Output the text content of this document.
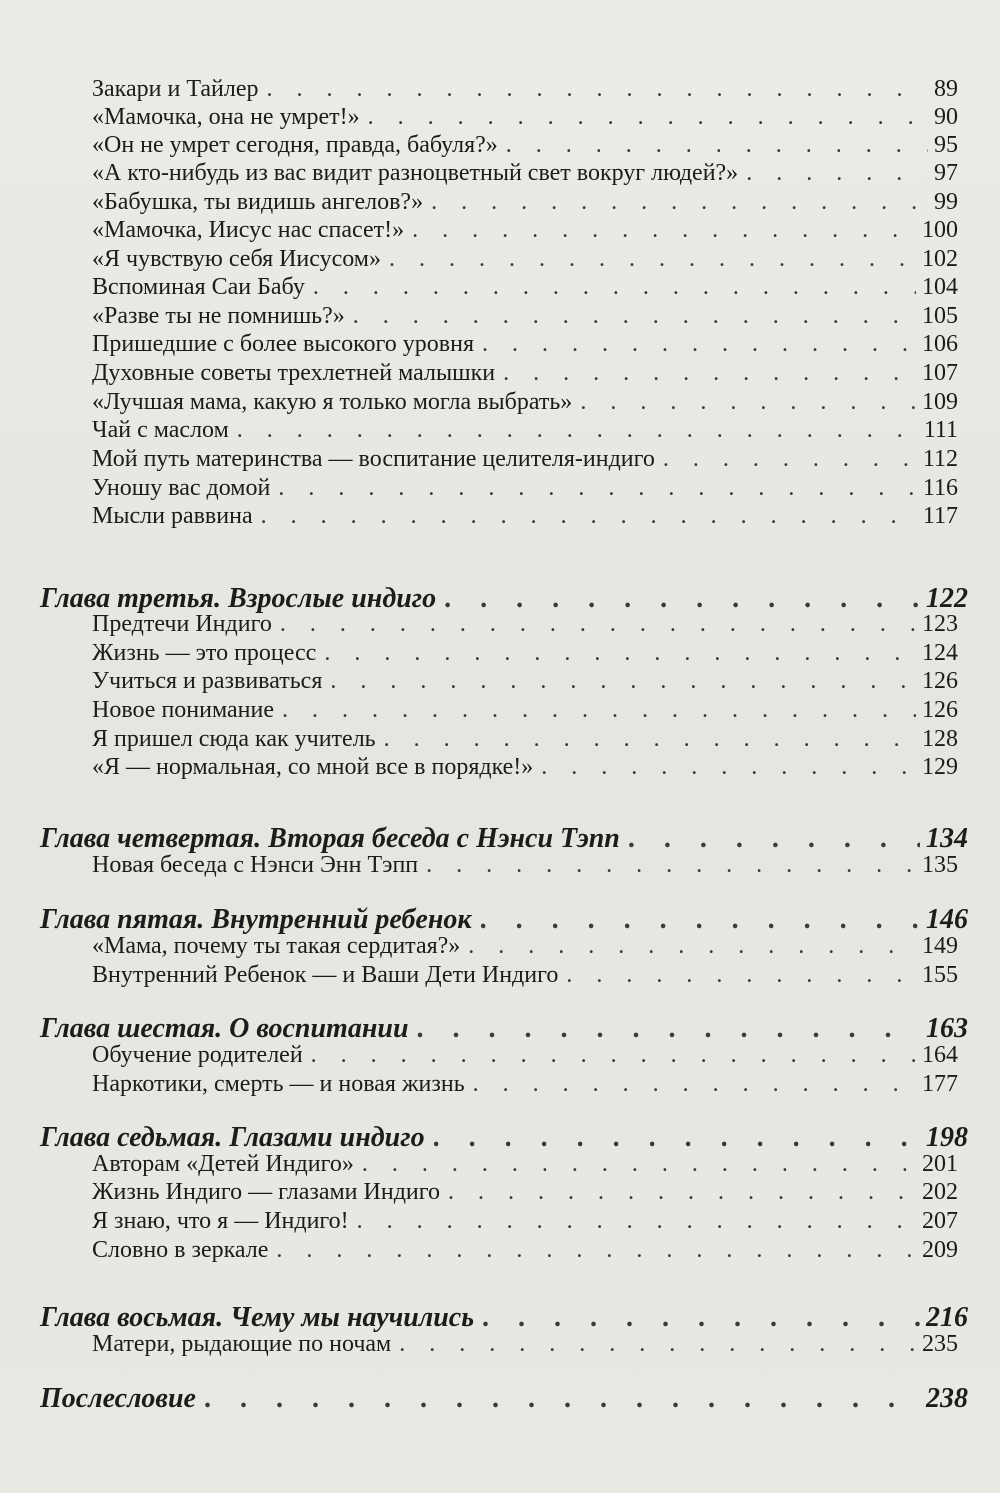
Закари и Тайлер . . .	89
«Мамочка, она не умрет!» . . .	90
«Он не умрет сегодня, правда, бабуля?» . . .	95
«А кто-нибудь из вас видит разноцветный свет вокруг людей?» . . .	97
«Бабушка, ты видишь ангелов?» . . .	99
«Мамочка, Иисус нас спасет!» . . .	100
«Я чувствую себя Иисусом» . . .	102
Вспоминая Саи Бабу . . .	104
«Разве ты не помнишь?» . . .	105
Пришедшие с более высокого уровня . . .	106
Духовные советы трехлетней малышки . . .	107
«Лучшая мама, какую я только могла выбрать» . . .	109
Чай с маслом . . .	111
Мой путь материнства — воспитание целителя-индиго . . .	112
Уношу вас домой . . .	116
Мысли раввина . . .	117
Глава третья. Взрослые индиго . . .	122
Предтечи Индиго . . .	123
Жизнь — это процесс . . .	124
Учиться и развиваться . . .	126
Новое понимание . . .	126
Я пришел сюда как учитель . . .	128
«Я — нормальная, со мной все в порядке!» . . .	129
Глава четвертая. Вторая беседа с Нэнси Тэпп . . .	134
Новая беседа с Нэнси Энн Тэпп . . .	135
Глава пятая. Внутренний ребенок . . .	146
«Мама, почему ты такая сердитая?» . . .	149
Внутренний Ребенок — и Ваши Дети Индиго . . .	155
Глава шестая. О воспитании . . .	163
Обучение родителей . . .	164
Наркотики, смерть — и новая жизнь . . .	177
Глава седьмая. Глазами индиго . . .	198
Авторам «Детей Индиго» . . .	201
Жизнь Индиго — глазами Индиго . . .	202
Я знаю, что я — Индиго! . . .	207
Словно в зеркале . . .	209
Глава восьмая. Чему мы научились . . .	216
Матери, рыдающие по ночам . . .	235
Послесловие . . .	238
